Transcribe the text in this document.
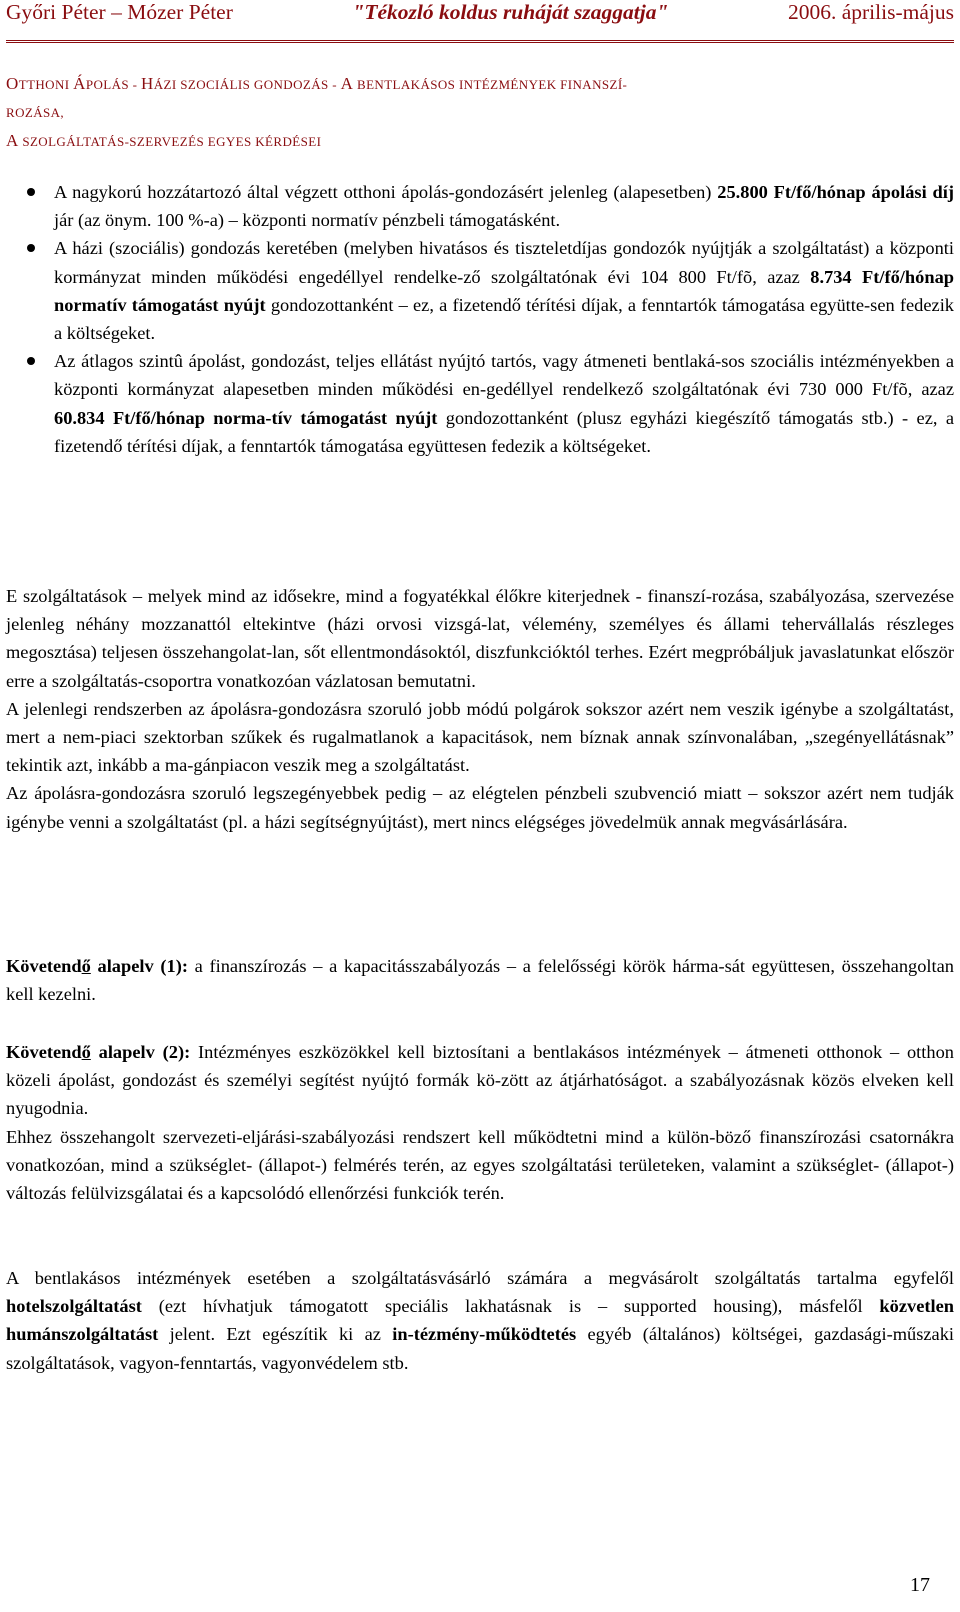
Győri Péter – Mózer Péter	"Tékozló koldus ruháját szaggatja"	2006. április-május
OTTHONI ÁPOLÁS - HÁZI SZOCIÁLIS GONDOZÁS - A BENTLAKÁSOS INTÉZMÉNYEK FINANSZÍ-
ROZÁSA,
A SZOLGÁLTATÁS-SZERVEZÉS EGYES KÉRDÉSEI
A nagykorú hozzátartozó által végzett otthoni ápolás-gondozásért jelenleg (alapesetben) 25.800 Ft/fő/hónap ápolási díj jár (az önym. 100 %-a) – központi normatív pénzbeli támogatásként.
A házi (szociális) gondozás keretében (melyben hivatásos és tiszteletdíjas gondozók nyújtják a szolgáltatást) a központi kormányzat minden működési engedéllyel rendelke-ző szolgáltatónak évi 104 800 Ft/fõ, azaz 8.734 Ft/fő/hónap normatív támogatást nyújt gondozottanként – ez, a fizetendő térítési díjak, a fenntartók támogatása együtte-sen fedezik a költségeket.
Az átlagos szintû ápolást, gondozást, teljes ellátást nyújtó tartós, vagy átmeneti bentlaká-sos szociális intézményekben a központi kormányzat alapesetben minden működési en-gedéllyel rendelkező szolgáltatónak évi 730 000 Ft/fõ, azaz 60.834 Ft/fő/hónap norma-tív támogatást nyújt gondozottanként (plusz egyházi kiegészítő támogatás stb.) - ez, a fizetendő térítési díjak, a fenntartók támogatása együttesen fedezik a költségeket.

E szolgáltatások – melyek mind az idősekre, mind a fogyatékkal élőkre kiterjednek - finanszí-rozása, szabályozása, szervezése jelenleg néhány mozzanattól eltekintve (házi orvosi vizsgá-lat, vélemény, személyes és állami tehervállalás részleges megosztása) teljesen összehangolat-lan, sőt ellentmondásoktól, diszfunkcióktól terhes. Ezért megpróbáljuk javaslatunkat először erre a szolgáltatás-csoportra vonatkozóan vázlatosan bemutatni.

A jelenlegi rendszerben az ápolásra-gondozásra szoruló jobb módú polgárok sokszor azért nem veszik igénybe a szolgáltatást, mert a nem-piaci szektorban szűkek és rugalmatlanok a kapacitások, nem bíznak annak színvonalában, „szegényellátásnak” tekintik azt, inkább a ma-gánpiacon veszik meg a szolgáltatást.

Az ápolásra-gondozásra szoruló legszegényebbek pedig – az elégtelen pénzbeli szubvenció miatt – sokszor azért nem tudják igénybe venni a szolgáltatást (pl. a házi segítségnyújtást), mert nincs elégséges jövedelmük annak megvásárlására.

Követendő alapelv (1): a finanszírozás – a kapacitásszabályozás – a felelősségi körök hárma-sát együttesen, összehangoltan kell kezelni.

Követendő alapelv (2): Intézményes eszközökkel kell biztosítani a bentlakásos intézmények – átmeneti otthonok – otthon közeli ápolást, gondozást és személyi segítést nyújtó formák kö-zött az átjárhatóságot. a szabályozásnak közös elveken kell nyugodnia.

Ehhez összehangolt szervezeti-eljárási-szabályozási rendszert kell működtetni mind a külön-böző finanszírozási csatornákra vonatkozóan, mind a szükséglet- (állapot-) felmérés terén, az egyes szolgáltatási területeken, valamint a szükséglet- (állapot-) változás felülvizsgálatai és a kapcsolódó ellenőrzési funkciók terén.

A bentlakásos intézmények esetében a szolgáltatásvásárló számára a megvásárolt szolgáltatás tartalma egyfelől hotelszolgáltatást (ezt hívhatjuk támogatott speciális lakhatásnak is – supported housing), másfelől közvetlen humánszolgáltatást jelent. Ezt egészítik ki az in-tézmény-működtetés egyéb (általános) költségei, gazdasági-műszaki szolgáltatások, vagyon-fenntartás, vagyonvédelem stb.

17
